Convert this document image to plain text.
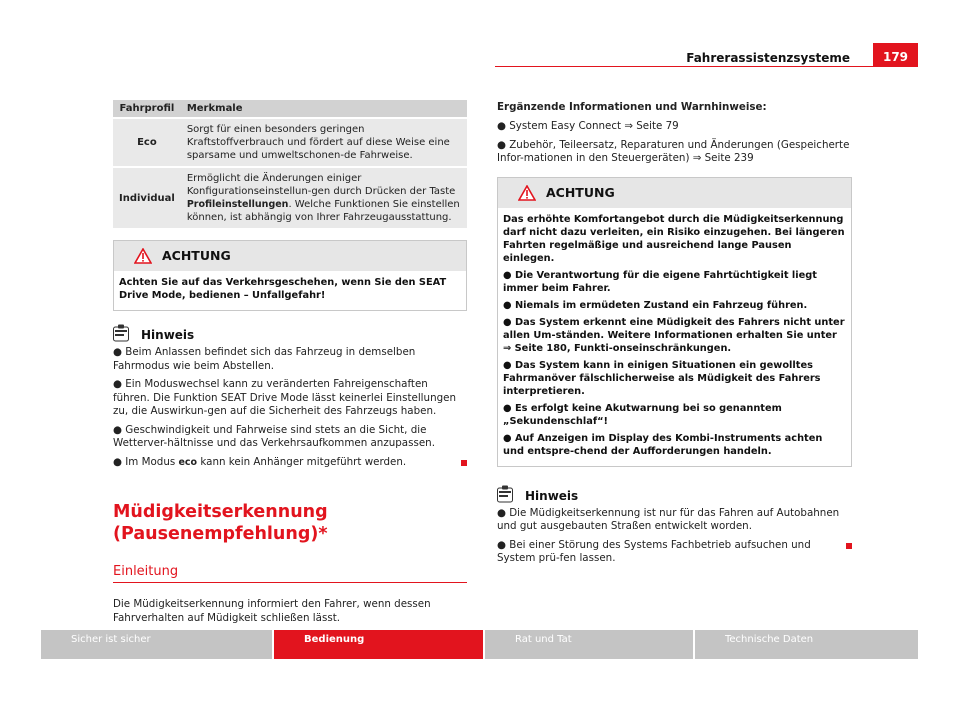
Fahrerassistenzsysteme	179
Fahrprofil	Merkmale
Eco	Sorgt für einen besonders geringen Kraftstoffverbrauch und fördert auf diese Weise eine sparsame und umweltschonen-de Fahrweise.
Individual	Ermöglicht die Änderungen einiger Konfigurationseinstellun-gen durch Drücken der Taste Profileinstellungen. Welche Funktionen Sie einstellen können, ist abhängig von Ihrer Fahrzeugausstattung.
ACHTUNG

Achten Sie auf das Verkehrsgeschehen, wenn Sie den SEAT Drive Mode, bedienen – Unfallgefahr!

Hinweis

● Beim Anlassen befindet sich das Fahrzeug in demselben Fahrmodus wie beim Abstellen.

● Ein Moduswechsel kann zu veränderten Fahreigenschaften führen. Die Funktion SEAT Drive Mode lässt keinerlei Einstellungen zu, die Auswirkun-gen auf die Sicherheit des Fahrzeugs haben.

● Geschwindigkeit und Fahrweise sind stets an die Sicht, die Wetterver-hältnisse und das Verkehrsaufkommen anzupassen.

● Im Modus eco kann kein Anhänger mitgeführt werden.

Müdigkeitserkennung (Pausenempfehlung)*
Einleitung

Die Müdigkeitserkennung informiert den Fahrer, wenn dessen Fahrverhalten auf Müdigkeit schließen lässt.

Ergänzende Informationen und Warnhinweise:

● System Easy Connect ⇒ Seite 79

● Zubehör, Teileersatz, Reparaturen und Änderungen (Gespeicherte Infor-mationen in den Steuergeräten) ⇒ Seite 239

ACHTUNG

Das erhöhte Komfortangebot durch die Müdigkeitserkennung darf nicht dazu verleiten, ein Risiko einzugehen. Bei längeren Fahrten regelmäßige und ausreichend lange Pausen einlegen.

● Die Verantwortung für die eigene Fahrtüchtigkeit liegt immer beim Fahrer.

● Niemals im ermüdeten Zustand ein Fahrzeug führen.

● Das System erkennt eine Müdigkeit des Fahrers nicht unter allen Um-ständen. Weitere Informationen erhalten Sie unter ⇒ Seite 180, Funkti-onseinschränkungen.

● Das System kann in einigen Situationen ein gewolltes Fahrmanöver fälschlicherweise als Müdigkeit des Fahrers interpretieren.

● Es erfolgt keine Akutwarnung bei so genanntem „Sekundenschlaf“!

● Auf Anzeigen im Display des Kombi-Instruments achten und entspre-chend der Aufforderungen handeln.

Hinweis

● Die Müdigkeitserkennung ist nur für das Fahren auf Autobahnen und gut ausgebauten Straßen entwickelt worden.

● Bei einer Störung des Systems Fachbetrieb aufsuchen und System prü-fen lassen.

Sicher ist sicher	Bedienung	Rat und Tat	Technische Daten
